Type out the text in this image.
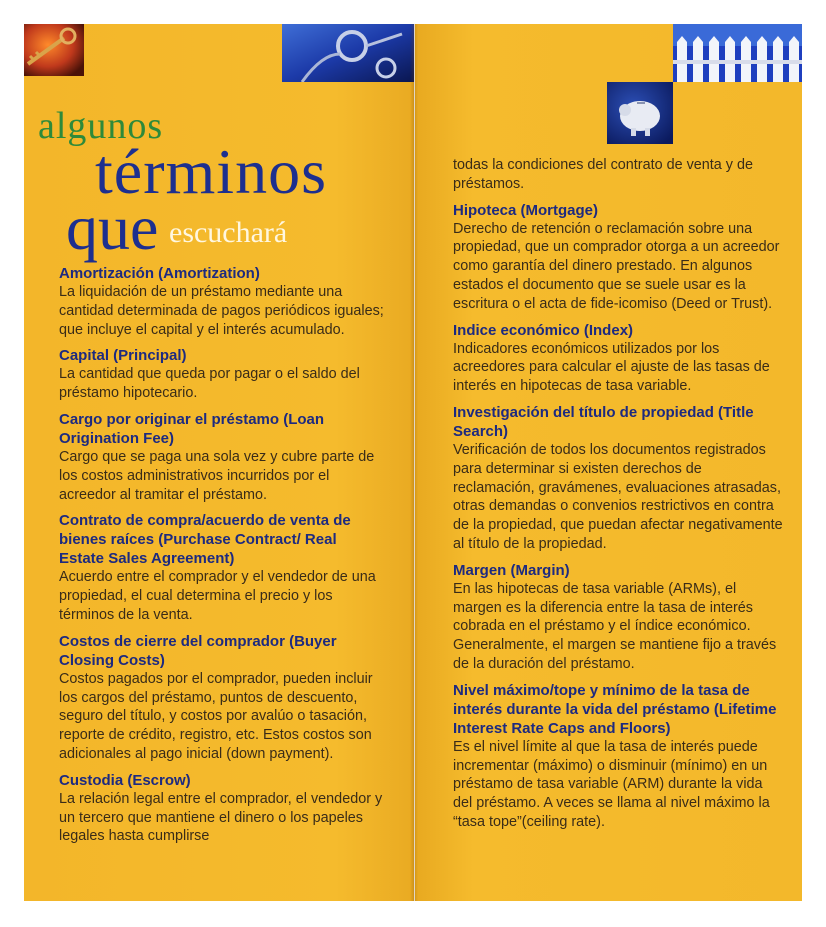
algunos
términos
que escuchará
Amortización (Amortization)
La liquidación de un préstamo mediante una cantidad determinada de pagos periódicos iguales; que incluye el capital y el interés acumulado.
Capital (Principal)
La cantidad que queda por pagar o el saldo del préstamo hipotecario.
Cargo por originar el préstamo (Loan Origination Fee)
Cargo que se paga una sola vez y cubre parte de los costos administrativos incurridos por el acreedor al tramitar el préstamo.
Contrato de compra/acuerdo de venta de bienes raíces (Purchase Contract/ Real Estate Sales Agreement)
Acuerdo entre el comprador y el vendedor de una propiedad, el cual determina el precio y los términos de la venta.
Costos de cierre del comprador (Buyer Closing Costs)
Costos pagados por el comprador, pueden incluir los cargos del préstamo, puntos de descuento, seguro del título, y costos por avalúo o tasación, reporte de crédito, registro, etc. Estos costos son adicionales al pago inicial (down payment).
Custodia (Escrow)
La relación legal entre el comprador, el vendedor y un tercero que mantiene el dinero o los papeles legales hasta cumplirse
todas la condiciones del contrato de venta y de préstamos.
Hipoteca (Mortgage)
Derecho de retención o reclamación sobre una propiedad, que un comprador otorga a un acreedor como garantía del dinero prestado. En algunos estados el documento que se suele usar es la escritura o el acta de fide-icomiso (Deed or Trust).
Indice económico (Index)
Indicadores económicos utilizados por los acreedores para calcular el ajuste de las tasas de interés en hipotecas de tasa variable.
Investigación del título de propiedad (Title Search)
Verificación de todos los documentos registrados para determinar si existen derechos de reclamación, gravámenes, evaluaciones atrasadas, otras demandas o convenios restrictivos en contra de la propiedad, que puedan afectar negativamente al título de la propiedad.
Margen (Margin)
En las hipotecas de tasa variable (ARMs), el margen es la diferencia entre la tasa de interés cobrada en el préstamo y el índice económico. Generalmente, el margen se mantiene fijo a través de la duración del préstamo.
Nivel máximo/tope y mínimo de la tasa de interés durante la vida del préstamo (Lifetime Interest Rate Caps and Floors)
Es el nivel límite al que la tasa de interés puede incrementar (máximo) o disminuir (mínimo) en un préstamo de tasa variable (ARM) durante la vida del préstamo. A veces se llama al nivel máximo la “tasa tope”(ceiling rate).
